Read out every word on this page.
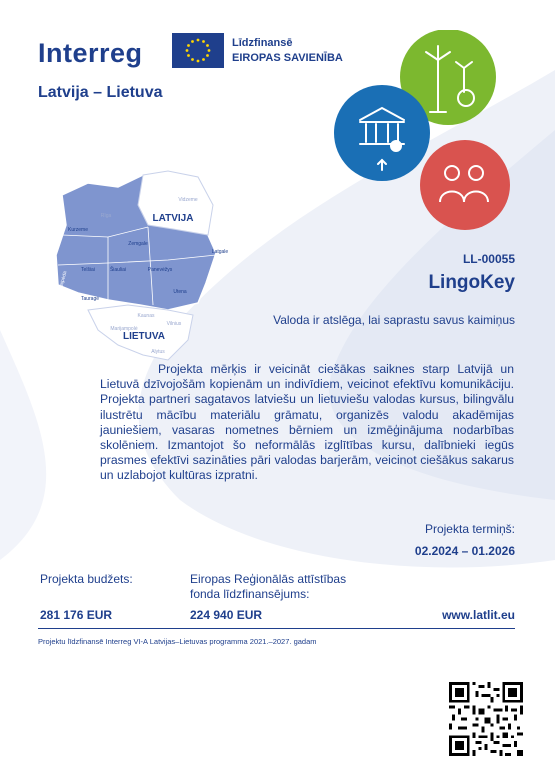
Interreg	Līdzfinansē
EIROPAS SAVIENĪBA
Latvija – Lietuva
Vidzeme
Rīga	LATVIJA
Kurzeme
Zemgale
Latgale
Klaipėda
Telšiai	Šiauliai	Panevėžys
Utena
Tauragė
Kaunas
LIETUVA
Vilnius
Alytus
Marijampolė
LL-00055
LingoKey
Valoda ir atslēga, lai saprastu savus kaimiņus
Projekta mērķis ir veicināt ciešākas saiknes starp Latvijā un Lietuvā dzīvojošām kopienām un indivīdiem, veicinot efektīvu komunikāciju. Projekta partneri sagatavos latviešu un lietuviešu valodas kursus, bilingvālu ilustrētu mācību materiālu grāmatu, organizēs valodu akadēmijas jauniešiem, vasaras nometnes bērniem un izmēģinājuma nodarbības skolēniem. Izmantojot šo neformālās izglītības kursu, dalībnieki iegūs prasmes efektīvi sazināties pāri valodas barjerām, veicinot ciešākus sakarus un uzlabojot kultūras izpratni.
Projekta termiņš:
02.2024 – 01.2026
Projekta budžets:
281 176 EUR
Eiropas Reģionālās attīstības fonda līdzfinansējums:
224 940 EUR	www.latlit.eu
Projektu līdzfinansē Interreg VI-A Latvijas–Lietuvas programma 2021.–2027. gadam
